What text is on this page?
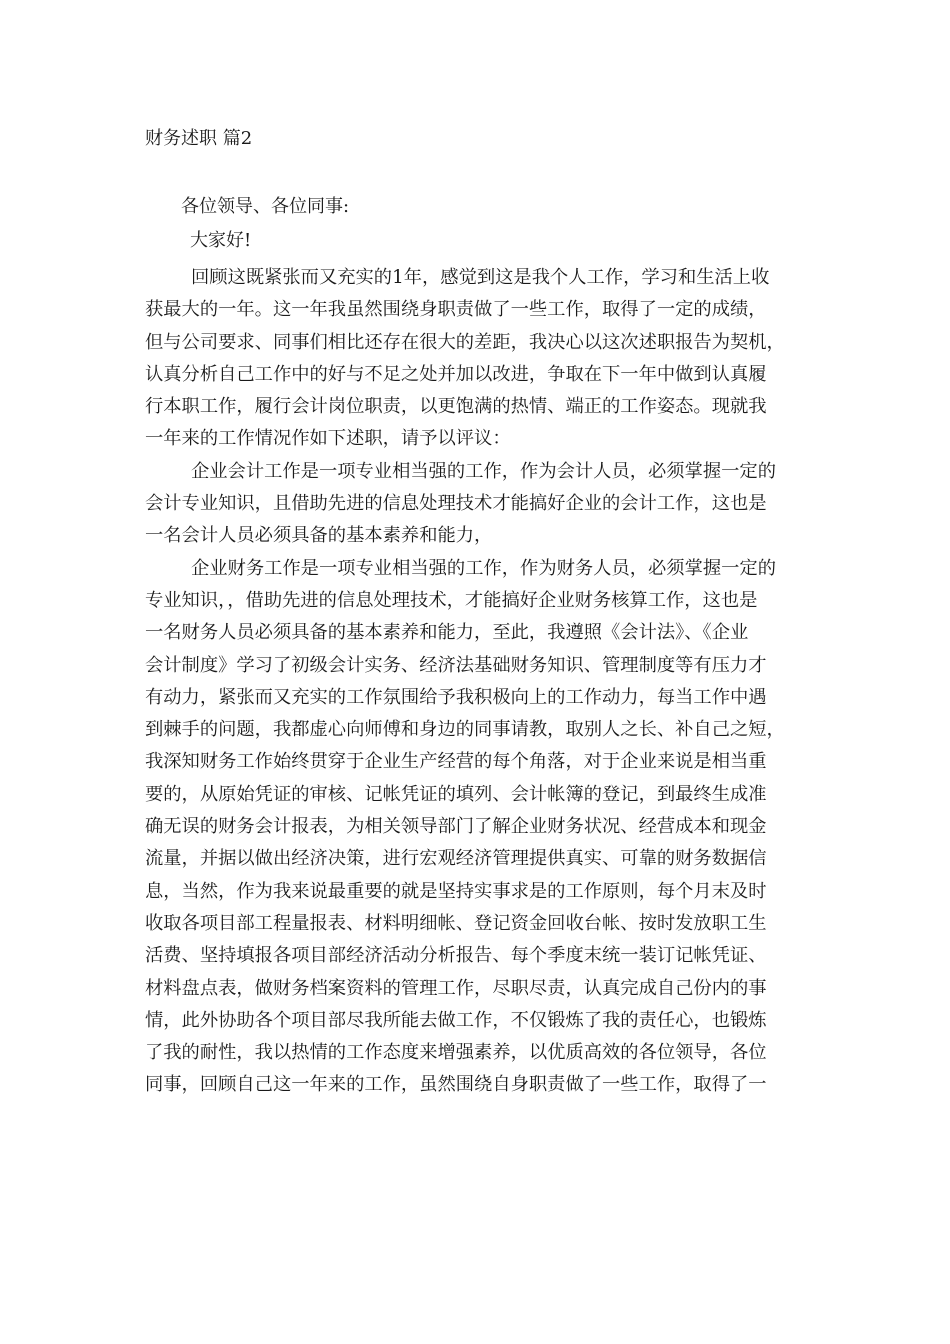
财务述职 篇2
各位领导、各位同事:
大家好!
回顾这既紧张而又充实的1年，感觉到这是我个人工作，学习和生活上收
获最大的一年。这一年我虽然围绕身职责做了一些工作，取得了一定的成绩，
但与公司要求、同事们相比还存在很大的差距，我决心以这次述职报告为契机，
认真分析自己工作中的好与不足之处并加以改进，争取在下一年中做到认真履
行本职工作，履行会计岗位职责，以更饱满的热情、端正的工作姿态。现就我
一年来的工作情况作如下述职，请予以评议：
企业会计工作是一项专业相当强的工作，作为会计人员，必须掌握一定的
会计专业知识，且借助先进的信息处理技术才能搞好企业的会计工作，这也是
一名会计人员必须具备的基本素养和能力，
企业财务工作是一项专业相当强的工作，作为财务人员，必须掌握一定的
专业知识，，借助先进的信息处理技术，才能搞好企业财务核算工作，这也是
一名财务人员必须具备的基本素养和能力，至此，我遵照《会计法》、《企业
会计制度》学习了初级会计实务、经济法基础财务知识、管理制度等有压力才
有动力，紧张而又充实的工作氛围给予我积极向上的工作动力，每当工作中遇
到棘手的问题，我都虚心向师傅和身边的同事请教，取别人之长、补自己之短，
我深知财务工作始终贯穿于企业生产经营的每个角落，对于企业来说是相当重
要的，从原始凭证的审核、记帐凭证的填列、会计帐簿的登记，到最终生成准
确无误的财务会计报表，为相关领导部门了解企业财务状况、经营成本和现金
流量，并据以做出经济决策，进行宏观经济管理提供真实、可靠的财务数据信
息，当然，作为我来说最重要的就是坚持实事求是的工作原则，每个月末及时
收取各项目部工程量报表、材料明细帐、登记资金回收台帐、按时发放职工生
活费、坚持填报各项目部经济活动分析报告、每个季度末统一装订记帐凭证、
材料盘点表，做财务档案资料的管理工作，尽职尽责，认真完成自己份内的事
情，此外协助各个项目部尽我所能去做工作，不仅锻炼了我的责任心，也锻炼
了我的耐性，我以热情的工作态度来增强素养，以优质高效的各位领导，各位
同事，回顾自己这一年来的工作，虽然围绕自身职责做了一些工作，取得了一
